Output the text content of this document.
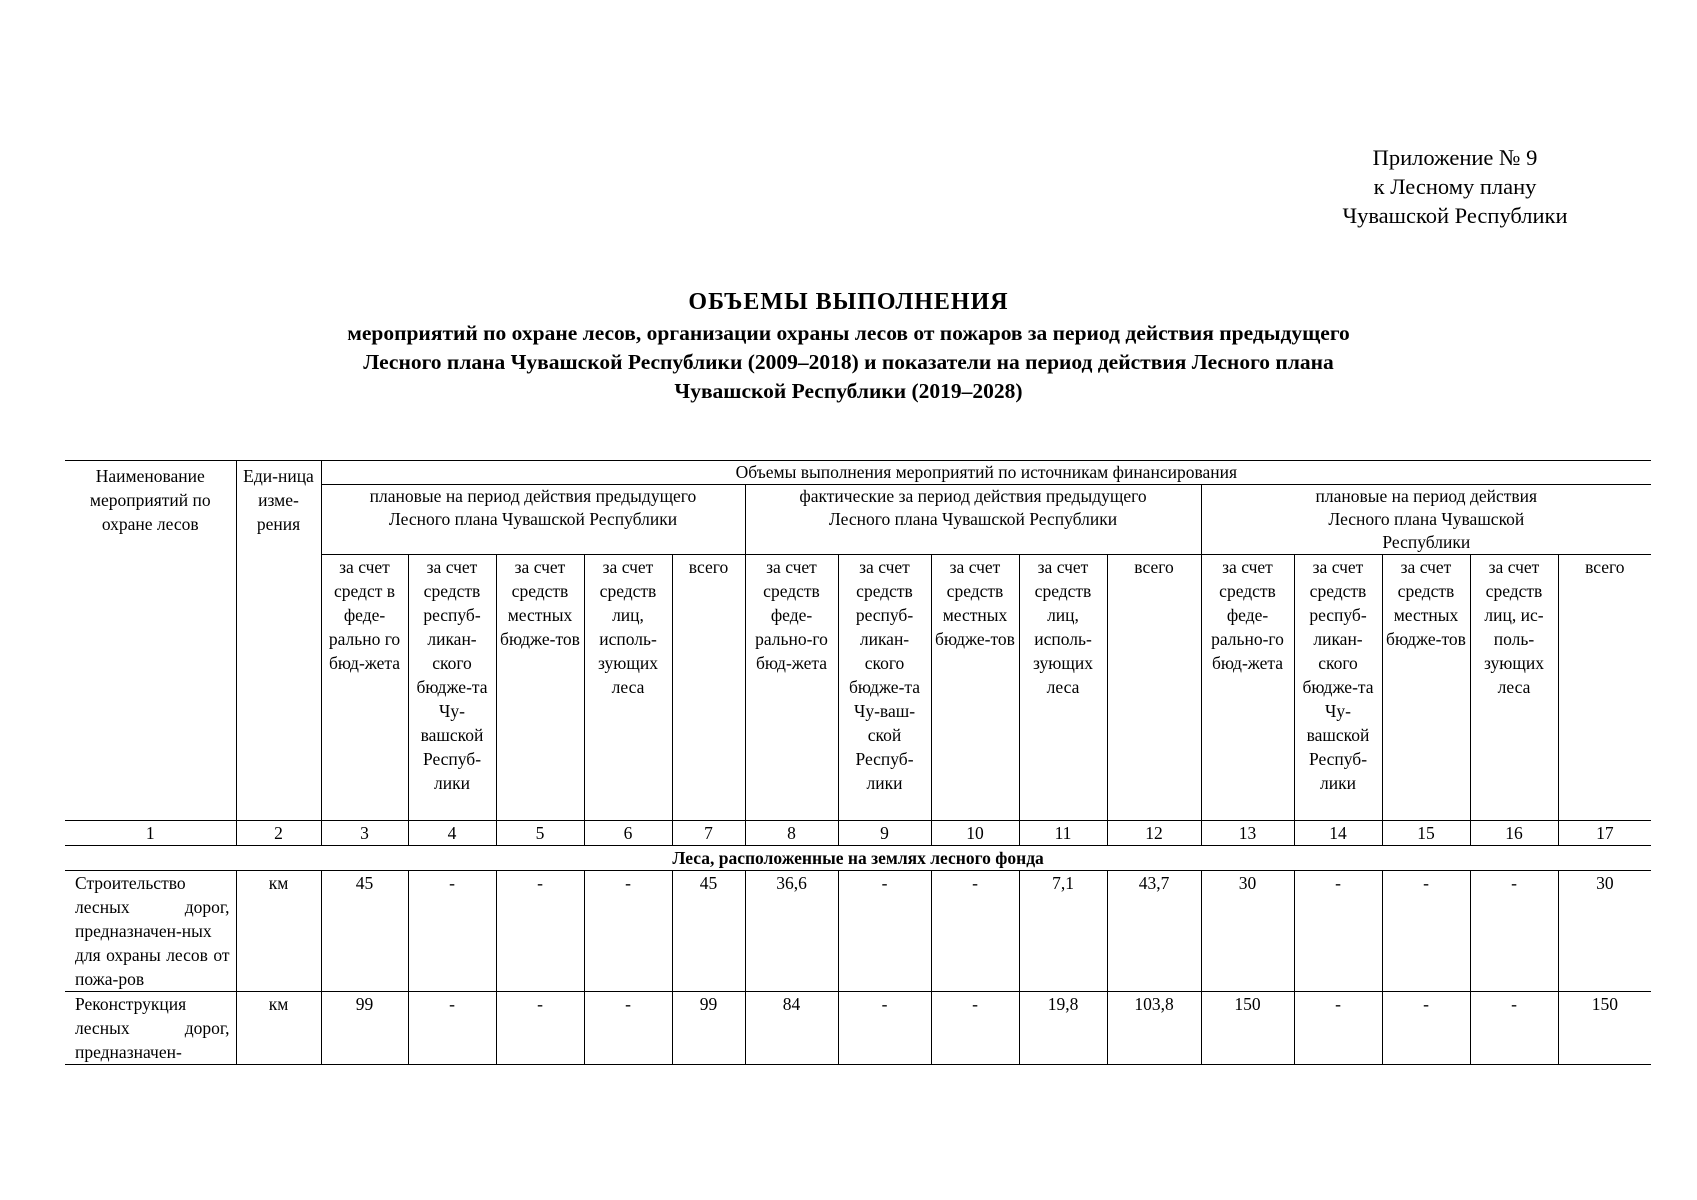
Приложение № 9
к Лесному плану
Чувашской Республики
ОБЪЕМЫ ВЫПОЛНЕНИЯ
мероприятий по охране лесов, организации охраны лесов от пожаров за период действия предыдущего
Лесного плана Чувашской Республики (2009–2018) и показатели на период действия Лесного плана
Чувашской Республики (2019–2028)
Наименование мероприятий по охране лесов	Еди-ница изме-рения	Объемы выполнения мероприятий по источникам финансирования														
		плановые на период действия предыдущего Лесного плана Чувашской Республики					фактические за период действия предыдущего Лесного плана Чувашской Республики					плановые на период действия Лесного плана Чувашской Республики				
		за счет средст в феде-рально го бюд-жета	за счет средств респуб-ликан-ского бюдже-та Чу-вашской Респуб-лики	за счет средств местных бюдже-тов	за счет средств лиц, исполь-зующих леса	всего	за счет средств феде-рально-го бюд-жета	за счет средств респуб-ликан-ского бюдже-та Чу-ваш-ской Респуб-лики	за счет средств местных бюдже-тов	за счет средств лиц, исполь-зующих леса	всего	за счет средств феде-рально-го бюд-жета	за счет средств респуб-ликан-ского бюдже-та Чу-вашской Респуб-лики	за счет средств местных бюдже-тов	за счет средств лиц, ис-поль-зующих леса	всего
1	2	3	4	5	6	7	8	9	10	11	12	13	14	15	16	17
Леса, расположенные на землях лесного фонда																
Строительство лесных дорог, предназначен-ных для охраны лесов от пожа-ров	км	45	-	-	-	45	36,6	-	-	7,1	43,7	30	-	-	-	30
Реконструкция лесных дорог, предназначен-	км	99	-	-	-	99	84	-	-	19,8	103,8	150	-	-	-	150
